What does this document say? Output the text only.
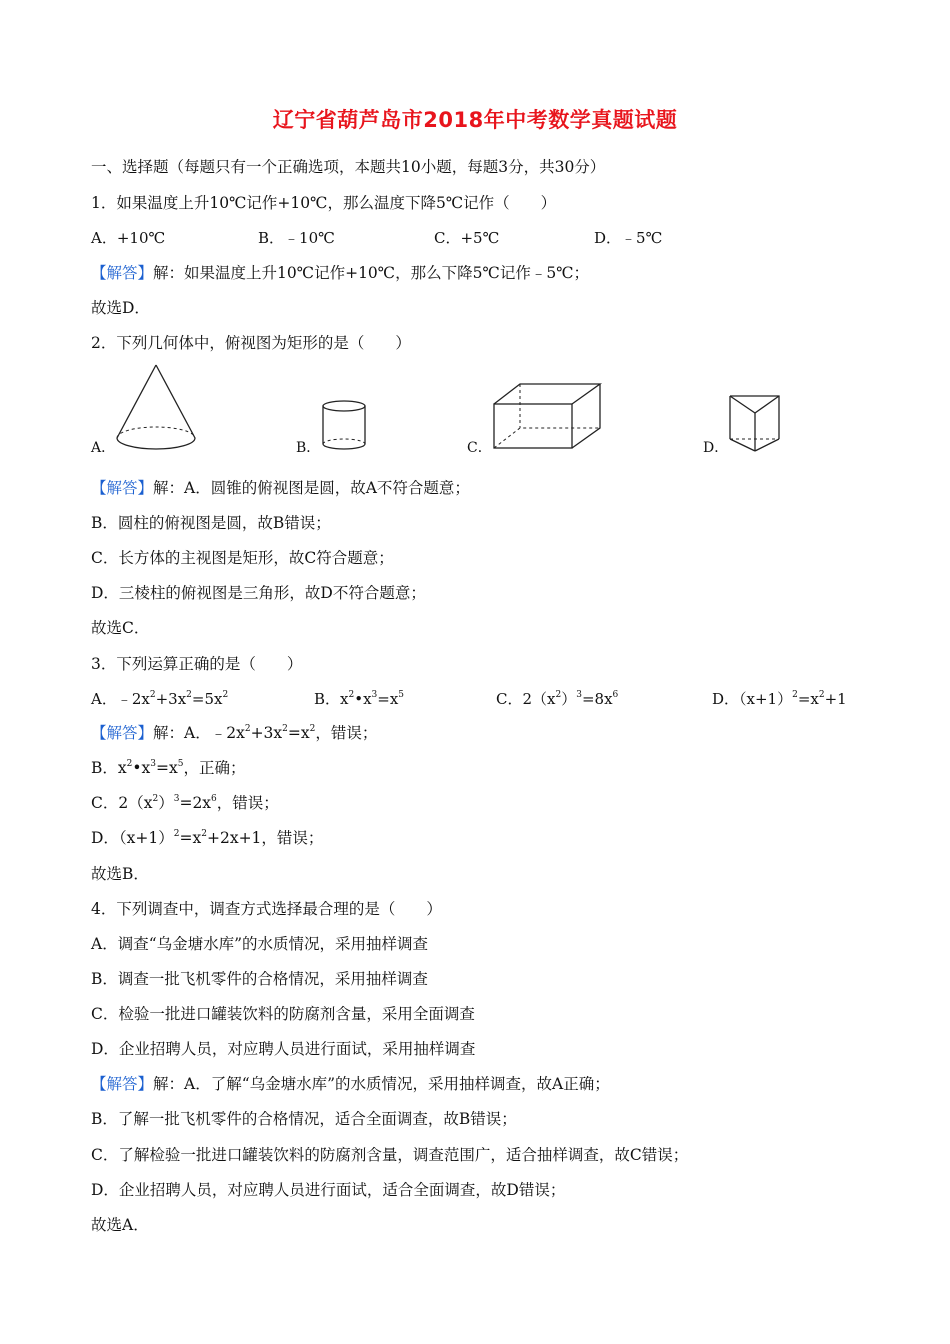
辽宁省葫芦岛市2018年中考数学真题试题
一、选择题（每题只有一个正确选项，本题共10小题，每题3分，共30分）
1．如果温度上升10℃记作+10℃，那么温度下降5℃记作（　　）
A．+10℃	B．﹣10℃	C．+5℃	D．﹣5℃
【解答】解：如果温度上升10℃记作+10℃，那么下降5℃记作﹣5℃；
故选D．
2．下列几何体中，俯视图为矩形的是（　　）
A．	B．	C．	D．
【解答】解：A．圆锥的俯视图是圆，故A不符合题意；
B．圆柱的俯视图是圆，故B错误；
C．长方体的主视图是矩形，故C符合题意；
D．三棱柱的俯视图是三角形，故D不符合题意；
故选C．
3．下列运算正确的是（　　）
A．$﹣2x^2+3x^2=5x^2$	B．$x^2•x^3=x^5$	C．$2(x^2)^3=8x^6$	D．$(x+1)^2=x^2+1$
【解答】解：A．$﹣2x^2+3x^2=x^2$，错误；
B．$x^2•x^3=x^5$，正确；
C．$2(x^2)^3=2x^6$，错误；
D．$(x+1)^2=x^2+2x+1$，错误；
故选B．
4．下列调查中，调查方式选择最合理的是（　　）
A．调查“乌金塘水库”的水质情况，采用抽样调查
B．调查一批飞机零件的合格情况，采用抽样调查
C．检验一批进口罐装饮料的防腐剂含量，采用全面调查
D．企业招聘人员，对应聘人员进行面试，采用抽样调查
【解答】解：A．了解“乌金塘水库”的水质情况，采用抽样调查，故A正确；
B．了解一批飞机零件的合格情况，适合全面调查，故B错误；
C．了解检验一批进口罐装饮料的防腐剂含量，调查范围广，适合抽样调查，故C错误；
D．企业招聘人员，对应聘人员进行面试，适合全面调查，故D错误；
故选A．
